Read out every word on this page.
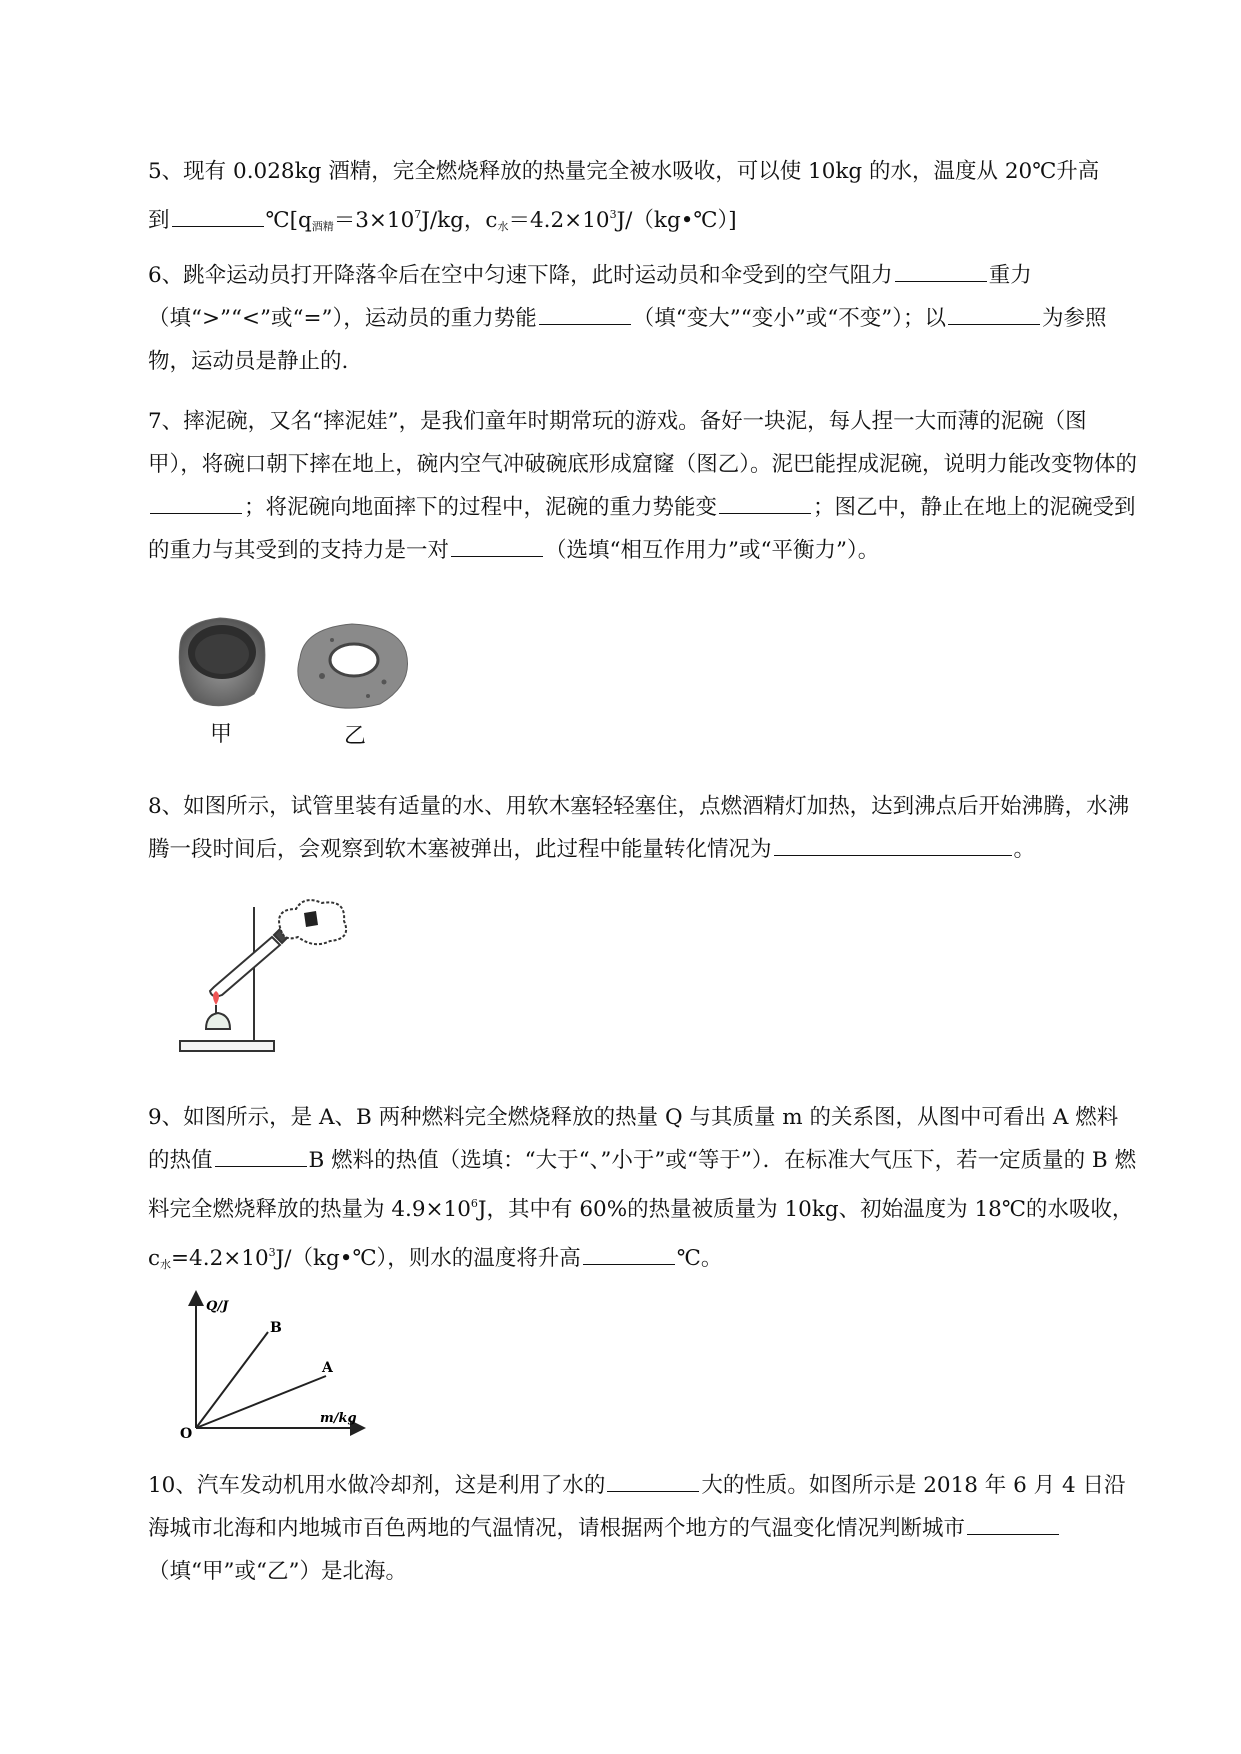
5、现有 0.028kg 酒精，完全燃烧释放的热量完全被水吸收，可以使 10kg 的水，温度从 20℃升高

到	$℃[q_{酒精}=3\times 10^7J/kg$，$c_水=4.2\times 10^3J/(kg•℃)$]

6、跳伞运动员打开降落伞后在空中匀速下降，此时运动员和伞受到的空气阻力	重力（填“>”“<”或“=”），运动员的重力势能	（填“变大”“变小”或“不变”）；以	为参照物，运动员是静止的.

7、摔泥碗，又名“摔泥娃”，是我们童年时期常玩的游戏。备好一块泥，每人捏一大而薄的泥碗（图甲），将碗口朝下摔在地上，碗内空气冲破碗底形成窟窿（图乙）。泥巴能捏成泥碗，说明力能改变物体的；将泥碗向地面摔下的过程中，泥碗的重力势能变	；图乙中，静止在地上的泥碗受到的重力与其受到的支持力是一对	（选填“相互作用力”或“平衡力”）。

甲	乙

8、如图所示，试管里装有适量的水、用软木塞轻轻塞住，点燃酒精灯加热，达到沸点后开始沸腾，水沸腾一段时间后，会观察到软木塞被弹出，此过程中能量转化情况为	。

9、如图所示，是 A、B 两种燃料完全燃烧释放的热量 Q 与其质量 m 的关系图，从图中可看出 A 燃料的热值	B 燃料的热值（选填：“大于“、”小于”或“等于”）．在标准大气压下，若一定质量的 B 燃料完全燃烧释放的热量为 $4.9\times 10^6J$，其中有 60%的热量被质量为 10kg、初始温度为 18℃的水吸收，$c_水=4.2\times 10^3J/(kg•℃)$，则水的温度将升高	℃。

Q/J
m/kg
O
B
A

10、汽车发动机用水做冷却剂，这是利用了水的	大的性质。如图所示是 2018 年 6 月 4 日沿海城市北海和内地城市百色两地的气温情况，请根据两个地方的气温变化情况判断城市（填“甲”或“乙”）是北海。
